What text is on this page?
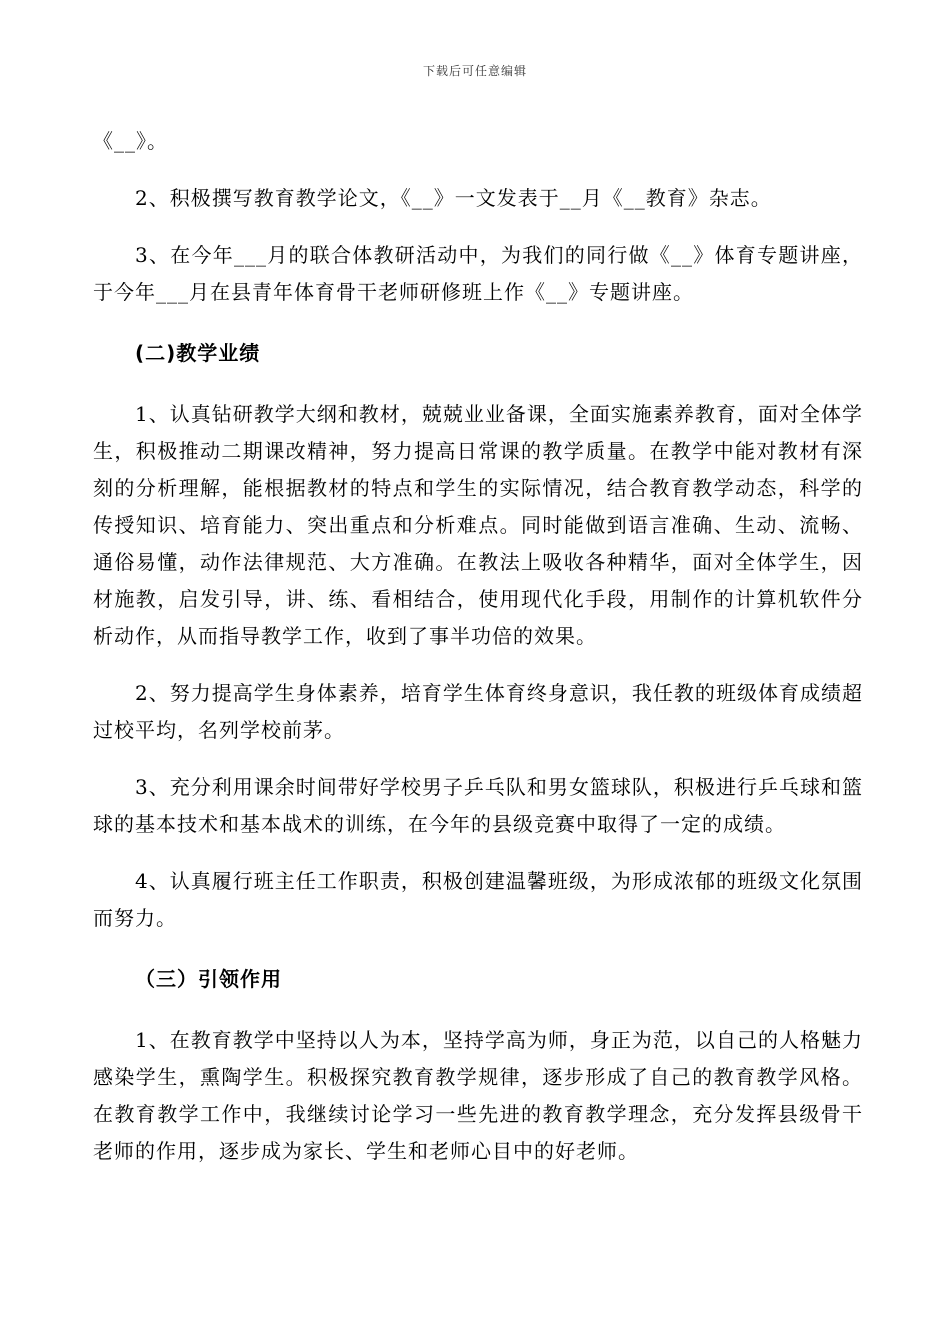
下载后可任意编辑

《__》。

2、积极撰写教育教学论文，《__》一文发表于__月《__教育》杂志。

3、在今年___月的联合体教研活动中，为我们的同行做《__》体育专题讲座，于今年___月在县青年体育骨干老师研修班上作《__》专题讲座。

(二)教学业绩

1、认真钻研教学大纲和教材，兢兢业业备课，全面实施素养教育，面对全体学生，积极推动二期课改精神，努力提高日常课的教学质量。在教学中能对教材有深刻的分析理解，能根据教材的特点和学生的实际情况，结合教育教学动态，科学的传授知识、培育能力、突出重点和分析难点。同时能做到语言准确、生动、流畅、通俗易懂，动作法律规范、大方准确。在教法上吸收各种精华，面对全体学生，因材施教，启发引导，讲、练、看相结合，使用现代化手段，用制作的计算机软件分析动作，从而指导教学工作，收到了事半功倍的效果。

2、努力提高学生身体素养，培育学生体育终身意识，我任教的班级体育成绩超过校平均，名列学校前茅。

3、充分利用课余时间带好学校男子乒乓队和男女篮球队，积极进行乒乓球和篮球的基本技术和基本战术的训练，在今年的县级竞赛中取得了一定的成绩。

4、认真履行班主任工作职责，积极创建温馨班级，为形成浓郁的班级文化氛围而努力。

（三）引领作用

1、在教育教学中坚持以人为本，坚持学高为师，身正为范，以自己的人格魅力感染学生，熏陶学生。积极探究教育教学规律，逐步形成了自己的教育教学风格。在教育教学工作中，我继续讨论学习一些先进的教育教学理念，充分发挥县级骨干老师的作用，逐步成为家长、学生和老师心目中的好老师。
